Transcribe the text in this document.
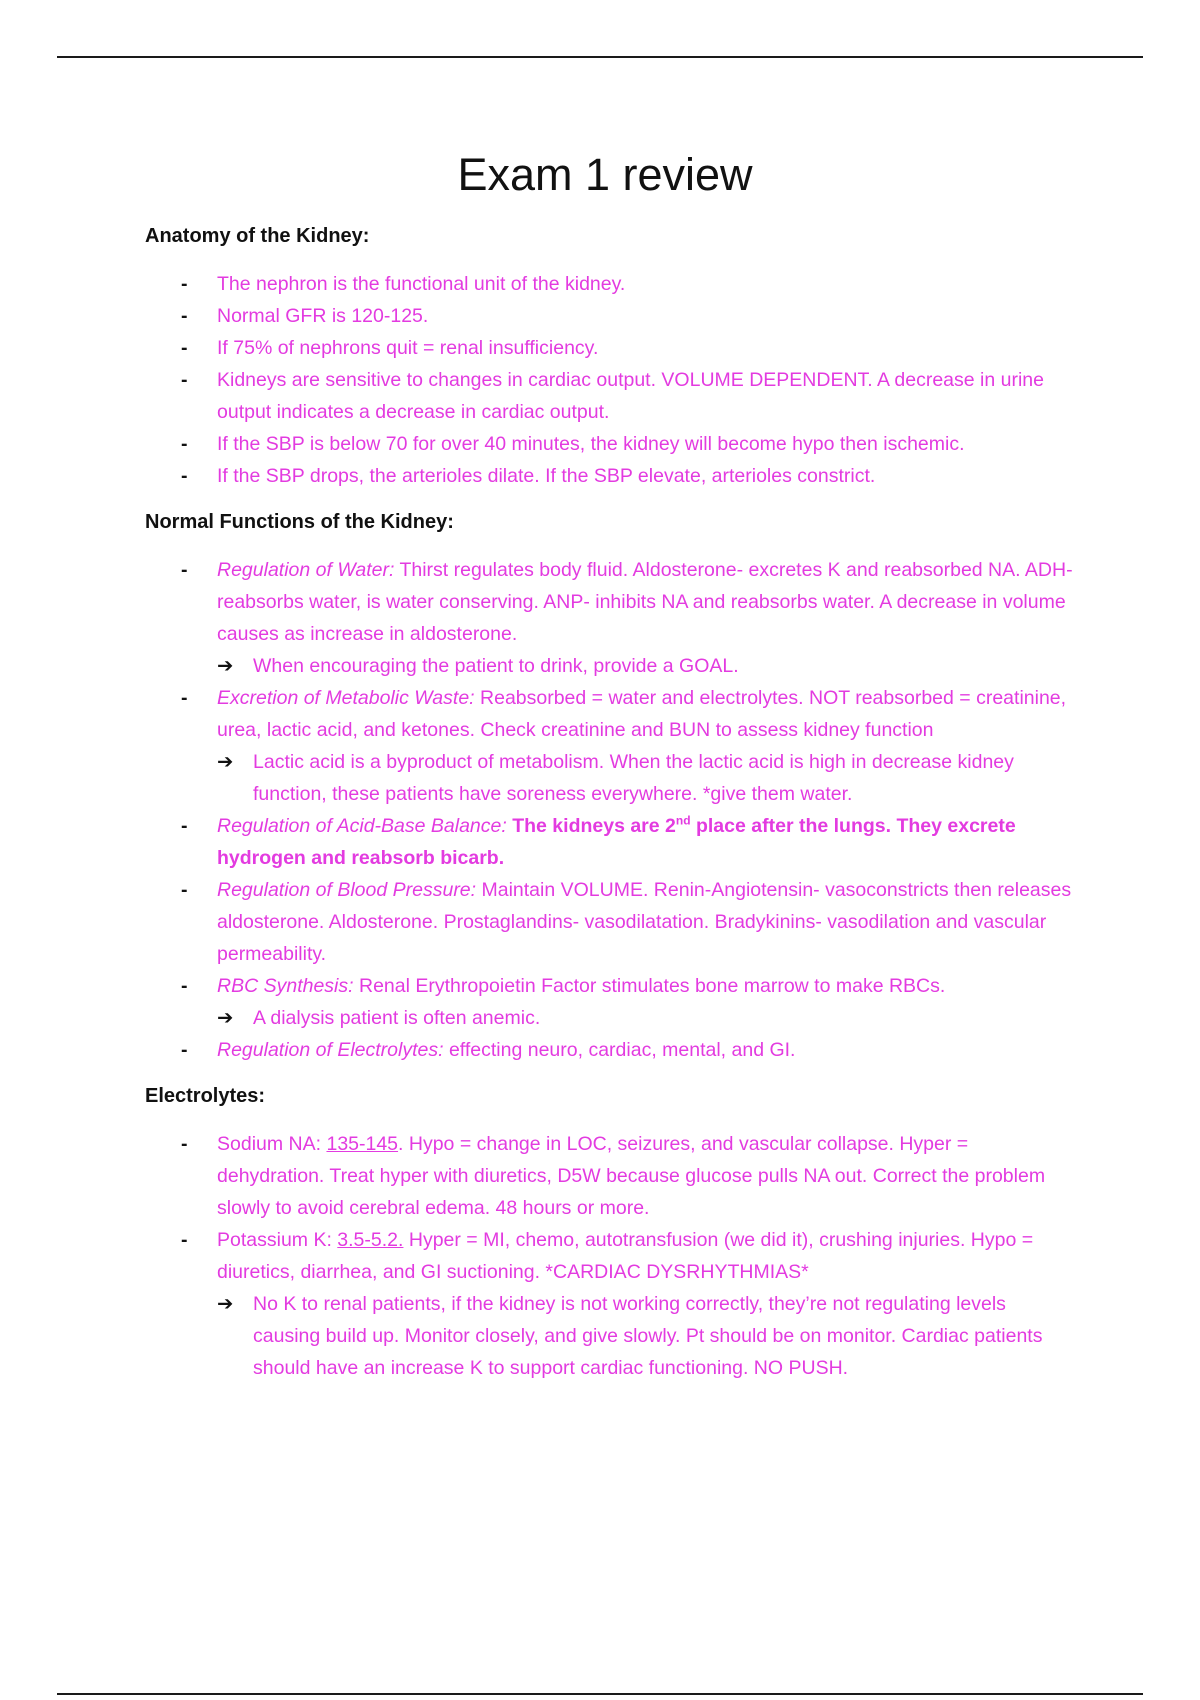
Exam 1 review
Anatomy of the Kidney:
- The nephron is the functional unit of the kidney.
- Normal GFR is 120-125.
- If 75% of nephrons quit = renal insufficiency.
- Kidneys are sensitive to changes in cardiac output. VOLUME DEPENDENT. A decrease in urine output indicates a decrease in cardiac output.
- If the SBP is below 70 for over 40 minutes, the kidney will become hypo then ischemic.
- If the SBP drops, the arterioles dilate. If the SBP elevate, arterioles constrict.
Normal Functions of the Kidney:
- Regulation of Water: Thirst regulates body fluid. Aldosterone- excretes K and reabsorbed NA. ADH- reabsorbs water, is water conserving. ANP- inhibits NA and reabsorbs water. A decrease in volume causes as increase in aldosterone.
➔ When encouraging the patient to drink, provide a GOAL.
- Excretion of Metabolic Waste: Reabsorbed = water and electrolytes. NOT reabsorbed = creatinine, urea, lactic acid, and ketones. Check creatinine and BUN to assess kidney function
➔ Lactic acid is a byproduct of metabolism. When the lactic acid is high in decrease kidney function, these patients have soreness everywhere. *give them water.
- Regulation of Acid-Base Balance: The kidneys are 2nd place after the lungs. They excrete hydrogen and reabsorb bicarb.
- Regulation of Blood Pressure: Maintain VOLUME. Renin-Angiotensin- vasoconstricts then releases aldosterone. Aldosterone. Prostaglandins- vasodilatation. Bradykinins- vasodilation and vascular permeability.
- RBC Synthesis: Renal Erythropoietin Factor stimulates bone marrow to make RBCs.
➔ A dialysis patient is often anemic.
- Regulation of Electrolytes: effecting neuro, cardiac, mental, and GI.
Electrolytes:
- Sodium NA: 135-145. Hypo = change in LOC, seizures, and vascular collapse. Hyper = dehydration. Treat hyper with diuretics, D5W because glucose pulls NA out. Correct the problem slowly to avoid cerebral edema. 48 hours or more.
- Potassium K: 3.5-5.2. Hyper = MI, chemo, autotransfusion (we did it), crushing injuries. Hypo = diuretics, diarrhea, and GI suctioning. *CARDIAC DYSRHYTHMIAS*
➔ No K to renal patients, if the kidney is not working correctly, they’re not regulating levels causing build up. Monitor closely, and give slowly. Pt should be on monitor. Cardiac patients should have an increase K to support cardiac functioning. NO PUSH.
